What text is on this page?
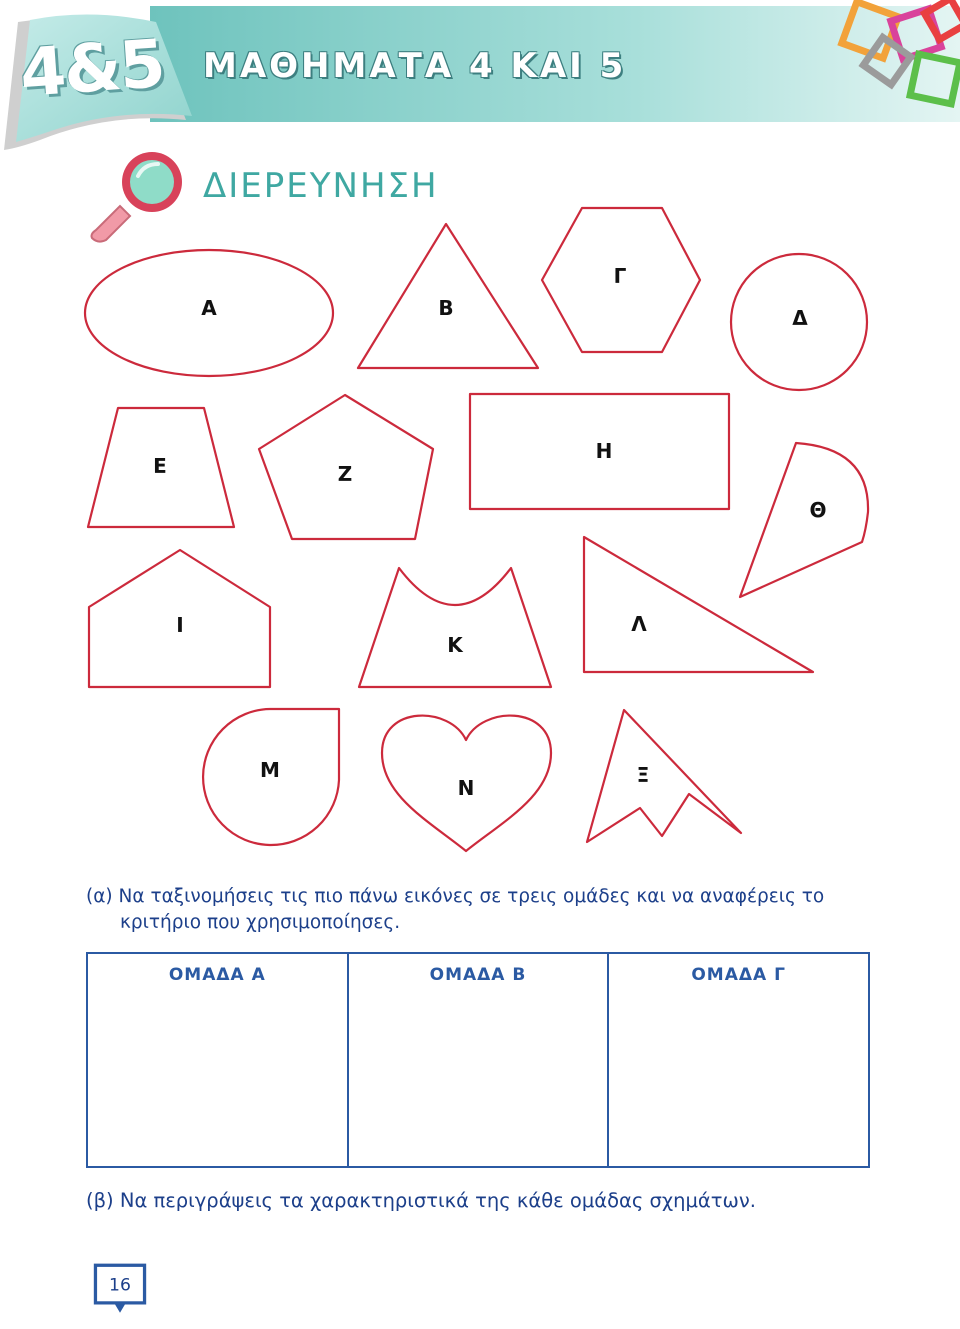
4&5 ΜΑΘΗΜΑΤΑ 4 ΚΑΙ 5
ΔΙΕΡΕΥΝΗΣΗ
Α	Β
Γ
Δ
Ε	Ζ
Η
Θ
Ι
Κ
Λ
Μ
Ν
Ξ
(α) Να ταξινομήσεις τις πιο πάνω εικόνες σε τρεις ομάδες και να αναφέρεις το
κριτήριο που χρησιμοποίησες.
ΟΜΑΔΑ Α	ΟΜΑΔΑ Β	ΟΜΑΔΑ Γ

(β) Να περιγράψεις τα χαρακτηριστικά της κάθε ομάδας σχημάτων.
16
